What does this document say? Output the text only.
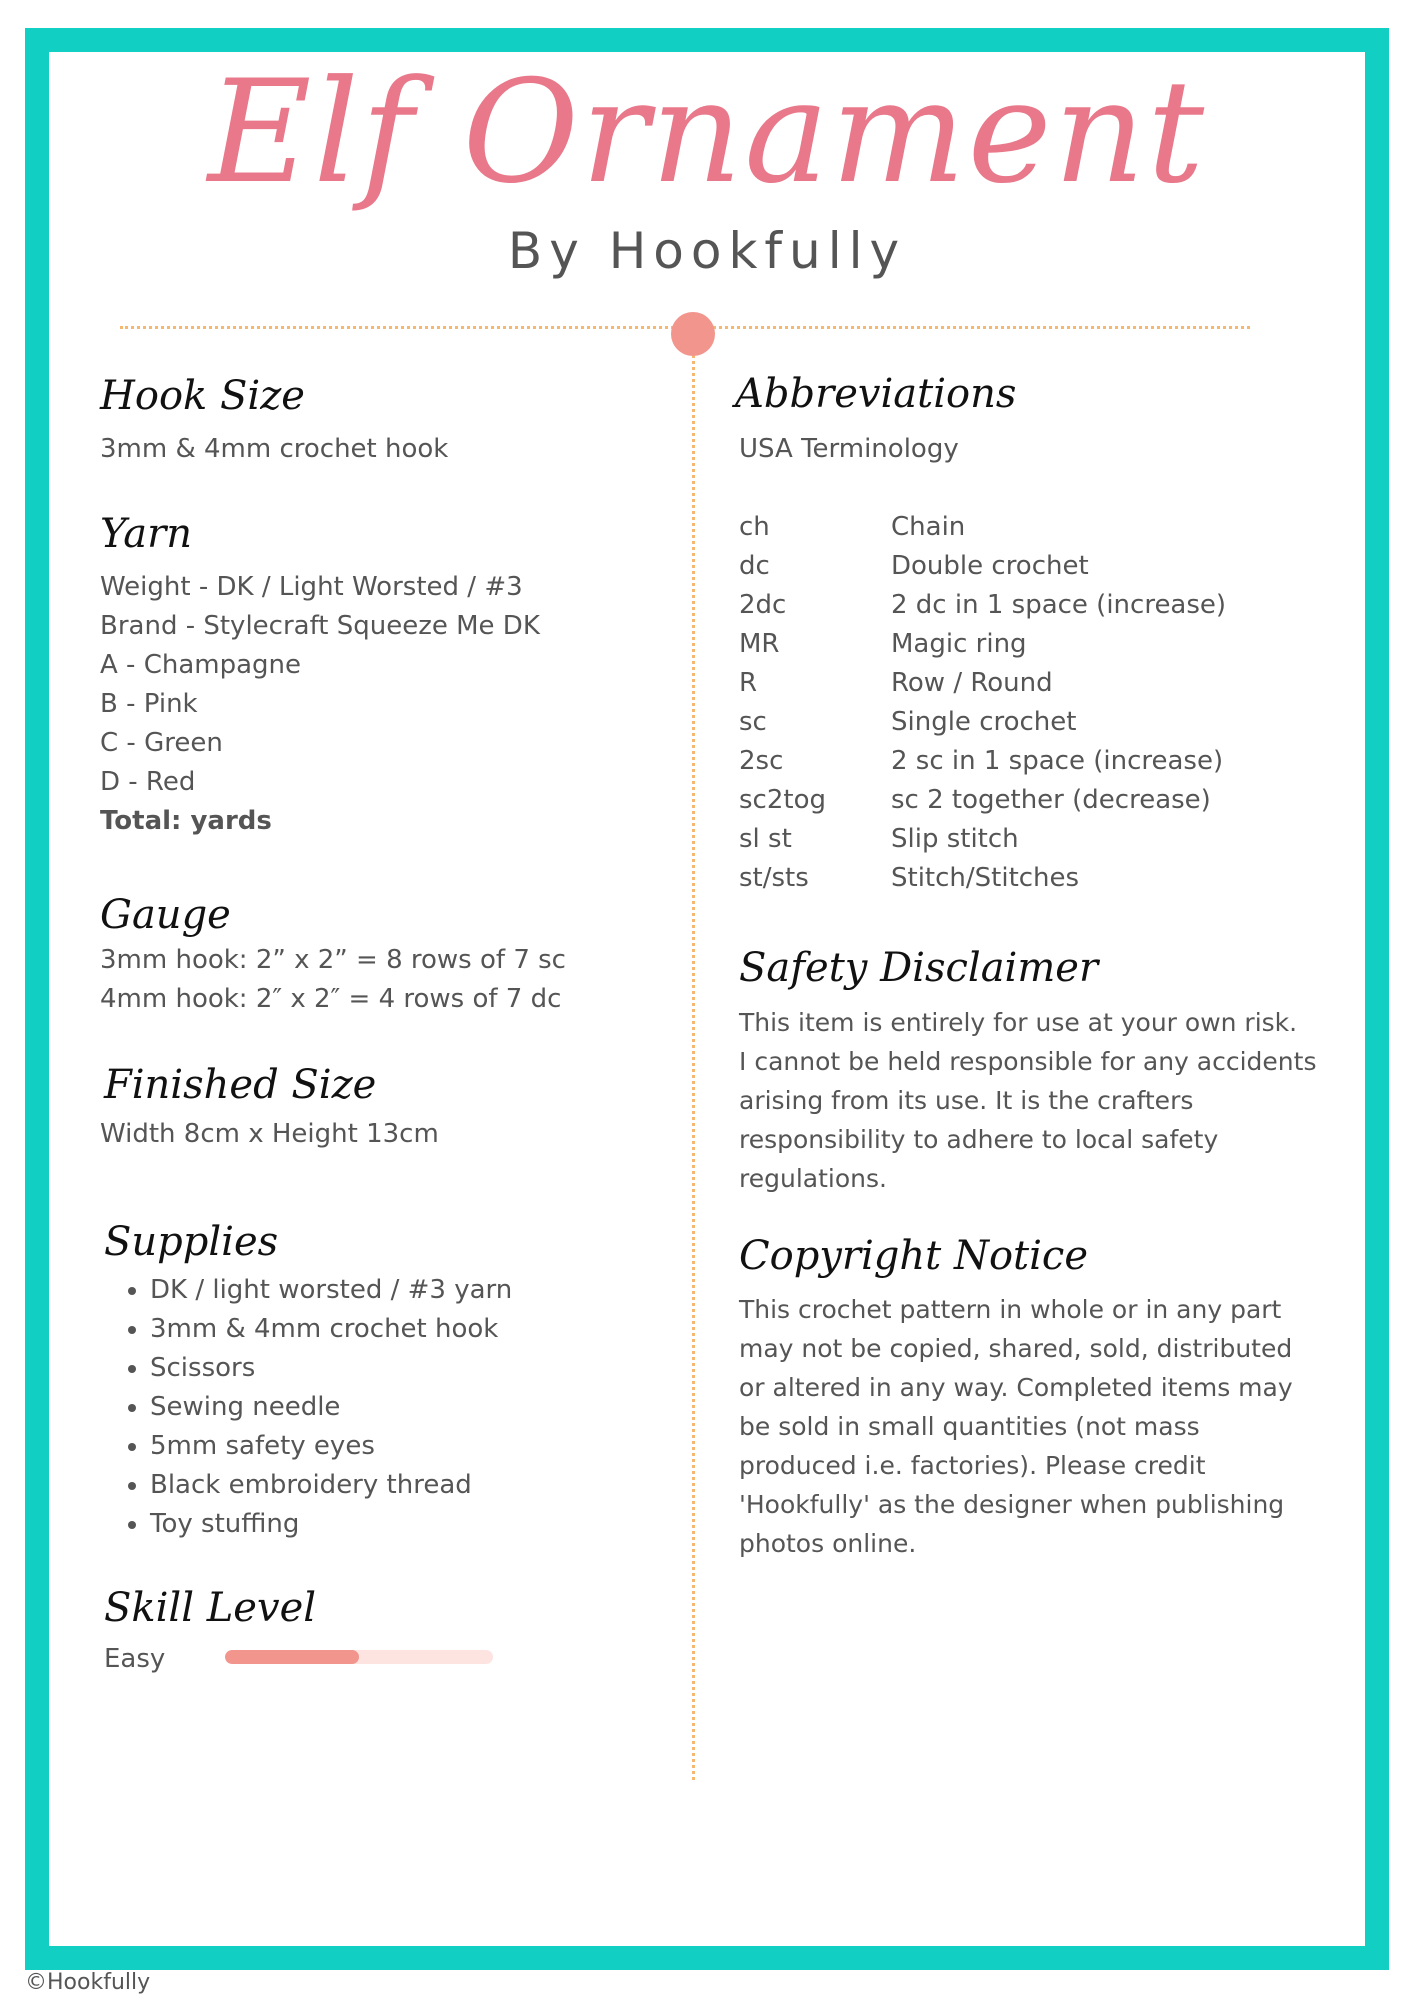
Elf Ornament
By Hookfully
Hook Size
3mm & 4mm crochet hook
Yarn
Weight - DK / Light Worsted / #3
Brand - Stylecraft Squeeze Me DK
A - Champagne
B - Pink
C - Green
D - Red
Total: yards
Gauge
3mm hook: 2” x 2” = 8 rows of 7 sc
4mm hook: 2″ x 2″ = 4 rows of 7 dc
Finished Size
Width 8cm x Height 13cm
Supplies
• DK / light worsted / #3 yarn
• 3mm & 4mm crochet hook
• Scissors
• Sewing needle
• 5mm safety eyes
• Black embroidery thread
• Toy stuffing
Skill Level
Easy
Abbreviations
USA Terminology
ch	Chain
dc	Double crochet
2dc	2 dc in 1 space (increase)
MR	Magic ring
R	Row / Round
sc	Single crochet
2sc	2 sc in 1 space (increase)
sc2tog	sc 2 together (decrease)
sl st	Slip stitch
st/sts	Stitch/Stitches
Safety Disclaimer
This item is entirely for use at your own risk.
I cannot be held responsible for any accidents
arising from its use. It is the crafters
responsibility to adhere to local safety
regulations.
Copyright Notice
This crochet pattern in whole or in any part
may not be copied, shared, sold, distributed
or altered in any way. Completed items may
be sold in small quantities (not mass
produced i.e. factories). Please credit
'Hookfully' as the designer when publishing
photos online.
©Hookfully
